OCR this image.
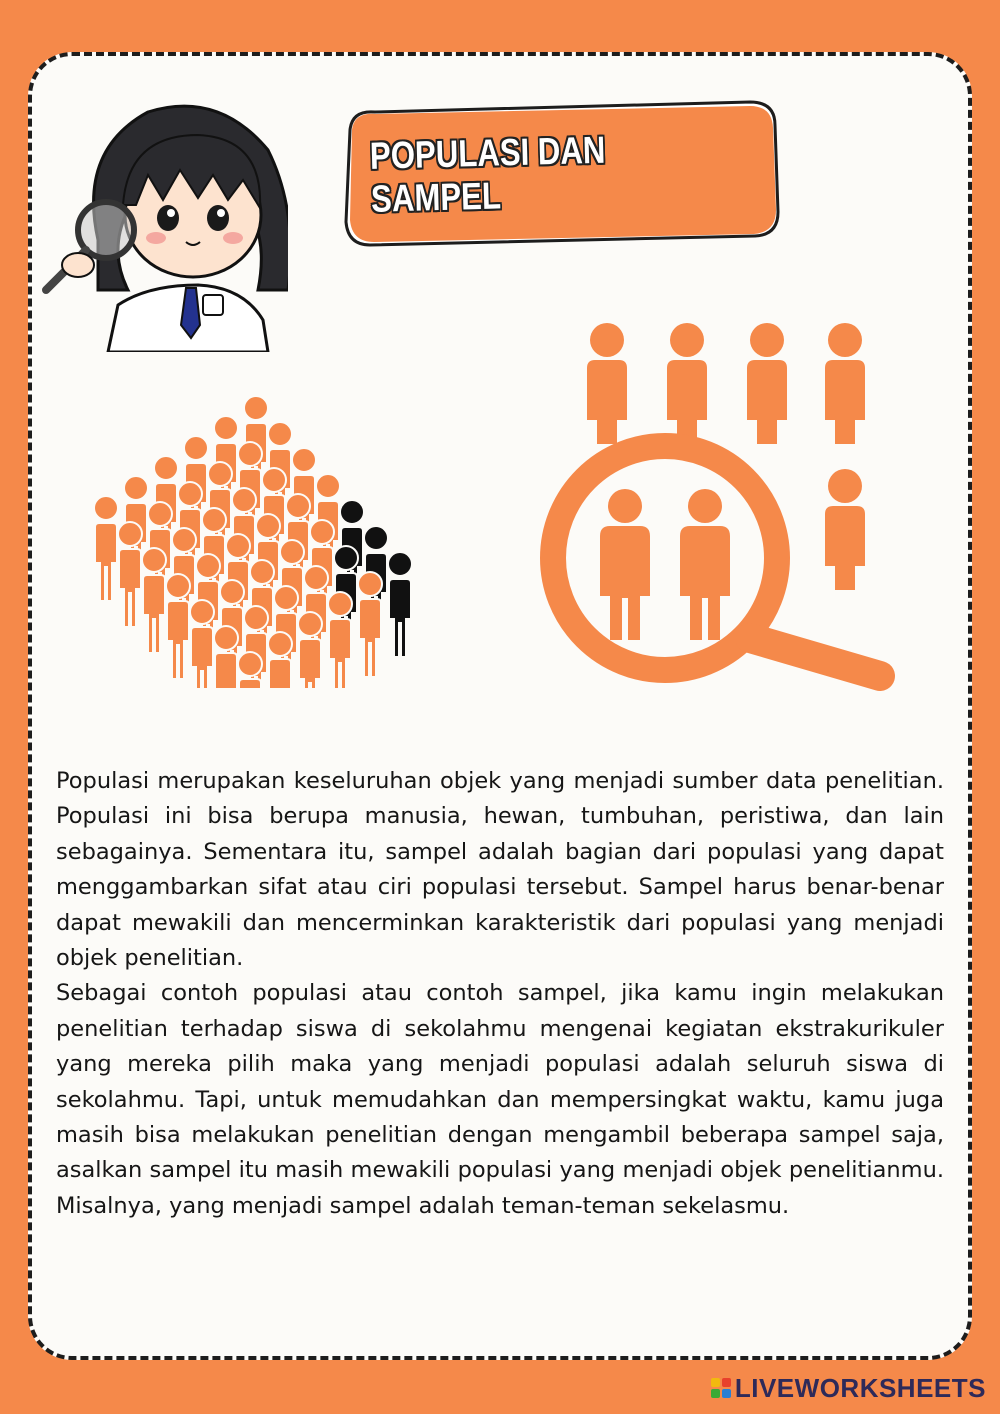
POPULASI DAN SAMPEL

Populasi merupakan keseluruhan objek yang menjadi sumber data penelitian. Populasi ini bisa berupa manusia, hewan, tumbuhan, peristiwa, dan lain sebagainya. Sementara itu, sampel adalah bagian dari populasi yang dapat menggambarkan sifat atau ciri populasi tersebut. Sampel harus benar-benar dapat mewakili dan mencerminkan karakteristik dari populasi yang menjadi objek penelitian.

Sebagai contoh populasi atau contoh sampel, jika kamu ingin melakukan penelitian terhadap siswa di sekolahmu mengenai kegiatan ekstrakurikuler yang mereka pilih maka yang menjadi populasi adalah seluruh siswa di sekolahmu. Tapi, untuk memudahkan dan mempersingkat waktu, kamu juga masih bisa melakukan penelitian dengan mengambil beberapa sampel saja, asalkan sampel itu masih mewakili populasi yang menjadi objek penelitianmu. Misalnya, yang menjadi sampel adalah teman-teman sekelasmu.

LIVEWORKSHEETS
